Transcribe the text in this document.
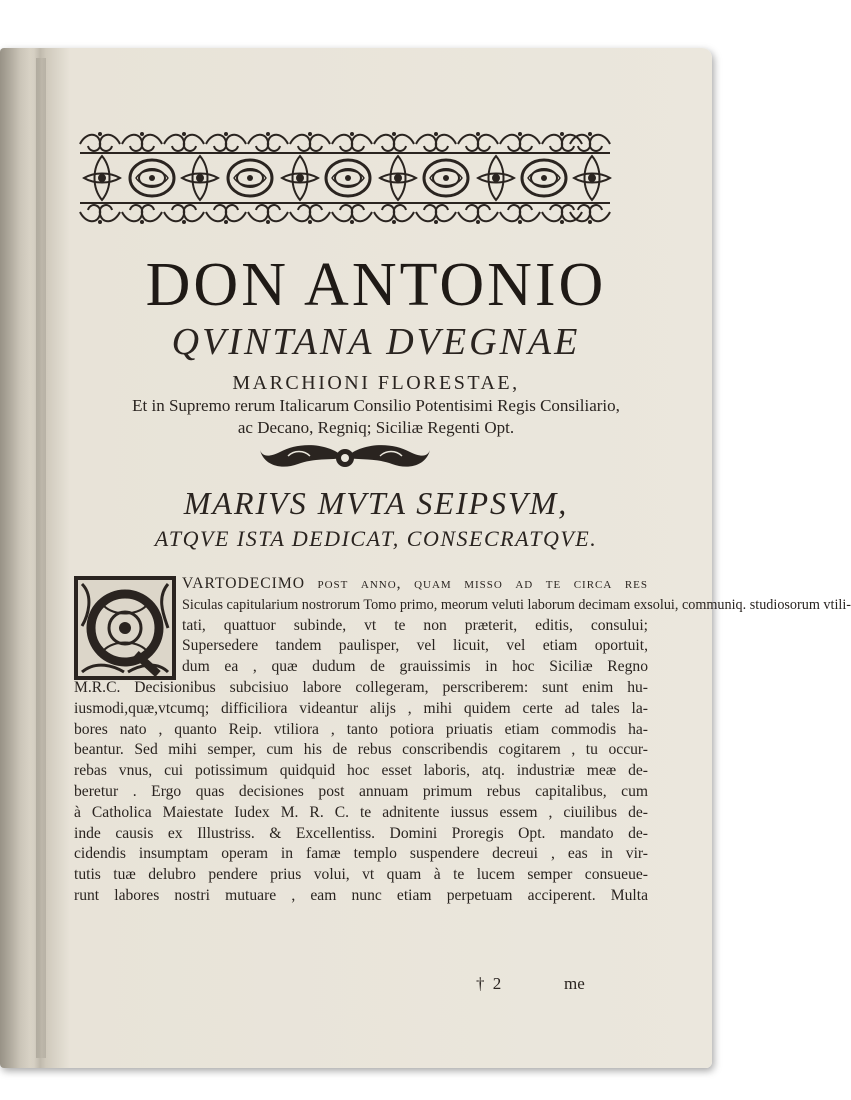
DON ANTONIO
QVINTANA DVEGNAE
MARCHIONI FLORESTAE,
Et in Supremo rerum Italicarum Consilio Potentisimi Regis Consiliario,
ac Decano, Regniq; Siciliæ Regenti Opt.
MARIVS MVTA SEIPSVM,
ATQVE ISTA DEDICAT, CONSECRATQVE.
VARTODECIMO post anno, quam misso ad te circa res
Siculas capitularium nostrorum Tomo primo, meorum veluti laborum decimam exsolui, communiq. studiosorum vtili-
tati, quattuor subinde, vt te non præterit, editis, consului;
Supersedere tandem paulisper, vel licuit, vel etiam oportuit,
dum ea , quæ dudum de grauissimis in hoc Siciliæ Regno
M.R.C. Decisionibus subcisiuo labore collegeram, perscriberem: sunt enim hu-
iusmodi,quæ,vtcumq; difficiliora videantur alijs , mihi quidem certe ad tales la-
bores nato , quanto Reip. vtiliora , tanto potiora priuatis etiam commodis ha-
beantur. Sed mihi semper, cum his de rebus conscribendis cogitarem , tu occur-
rebas vnus, cui potissimum quidquid hoc esset laboris, atq. industriæ meæ de-
beretur . Ergo quas decisiones post annuam primum rebus capitalibus, cum
à Catholica Maiestate Iudex M. R. C. te adnitente iussus essem , ciuilibus de-
inde causis ex Illustriss. & Excellentiss. Domini Proregis Opt. mandato de-
cidendis insumptam operam in famæ templo suspendere decreui , eas in vir-
tutis tuæ delubro pendere prius volui, vt quam à te lucem semper consueue-
runt labores nostri mutuare , eam nunc etiam perpetuam acciperent. Multa
† 2	me
